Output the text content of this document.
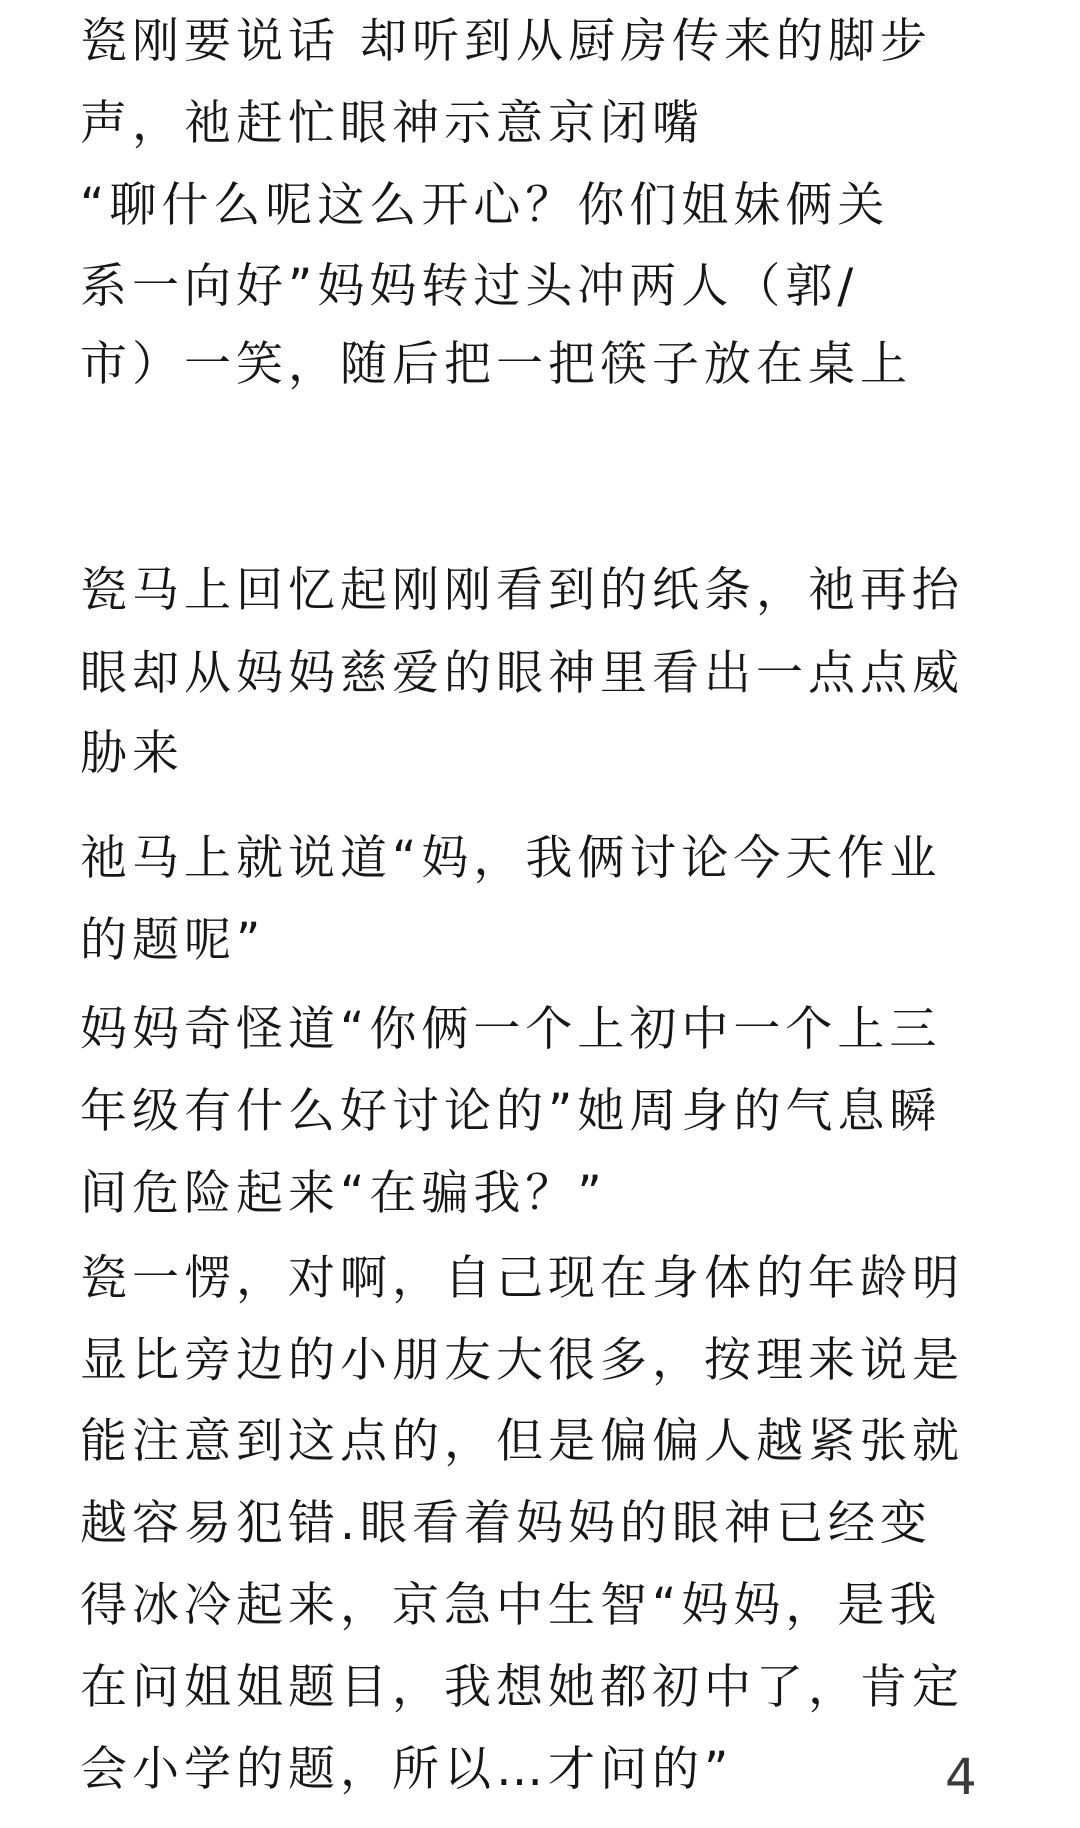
瓷刚要说话 却听到从厨房传来的脚步
声，祂赶忙眼神示意京闭嘴
“聊什么呢这么开心？你们姐妹俩关
系一向好”妈妈转过头冲两人（郭/
市）一笑，随后把一把筷子放在桌上
瓷马上回忆起刚刚看到的纸条，祂再抬
眼却从妈妈慈爱的眼神里看出一点点威
胁来
祂马上就说道“妈，我俩讨论今天作业
的题呢”
妈妈奇怪道“你俩一个上初中一个上三
年级有什么好讨论的”她周身的气息瞬
间危险起来“在骗我？”
瓷一愣，对啊，自己现在身体的年龄明
显比旁边的小朋友大很多，按理来说是
能注意到这点的，但是偏偏人越紧张就
越容易犯错.眼看着妈妈的眼神已经变
得冰冷起来，京急中生智“妈妈，是我
在问姐姐题目，我想她都初中了，肯定
会小学的题，所以…才问的”	4
